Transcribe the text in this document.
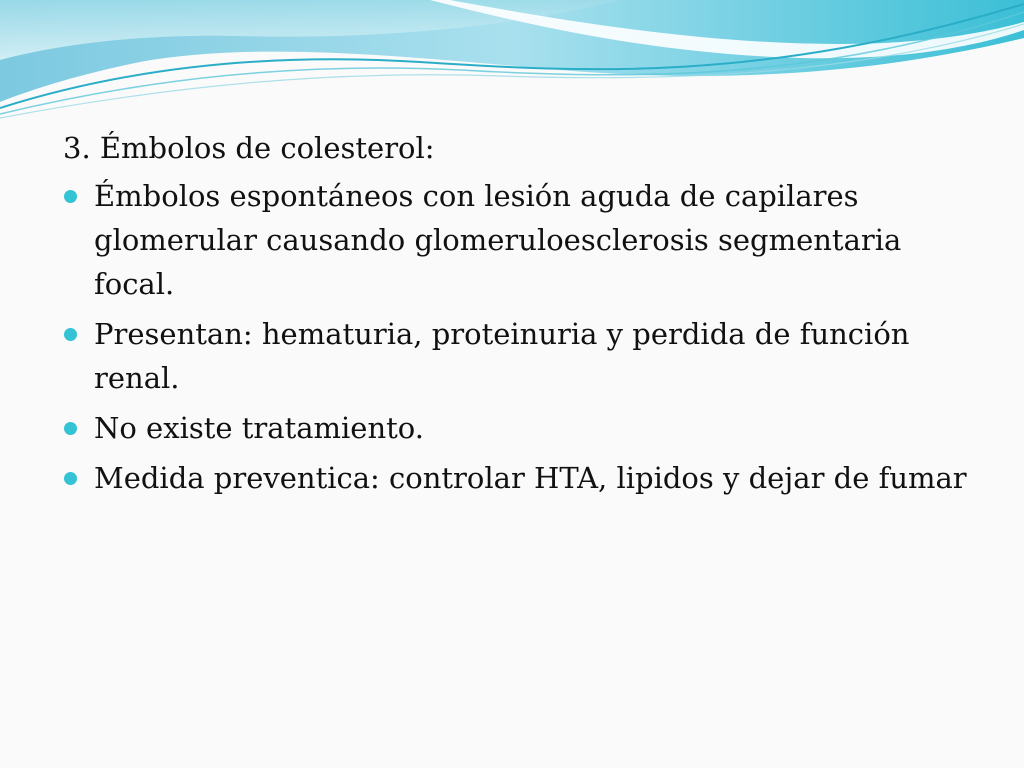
3. Émbolos de colesterol:

Émbolos espontáneos con lesión aguda de capilares glomerular causando glomeruloesclerosis segmentaria focal.
Presentan: hematuria, proteinuria y perdida de función renal.
No existe tratamiento.
Medida preventica: controlar HTA, lipidos y dejar de fumar
